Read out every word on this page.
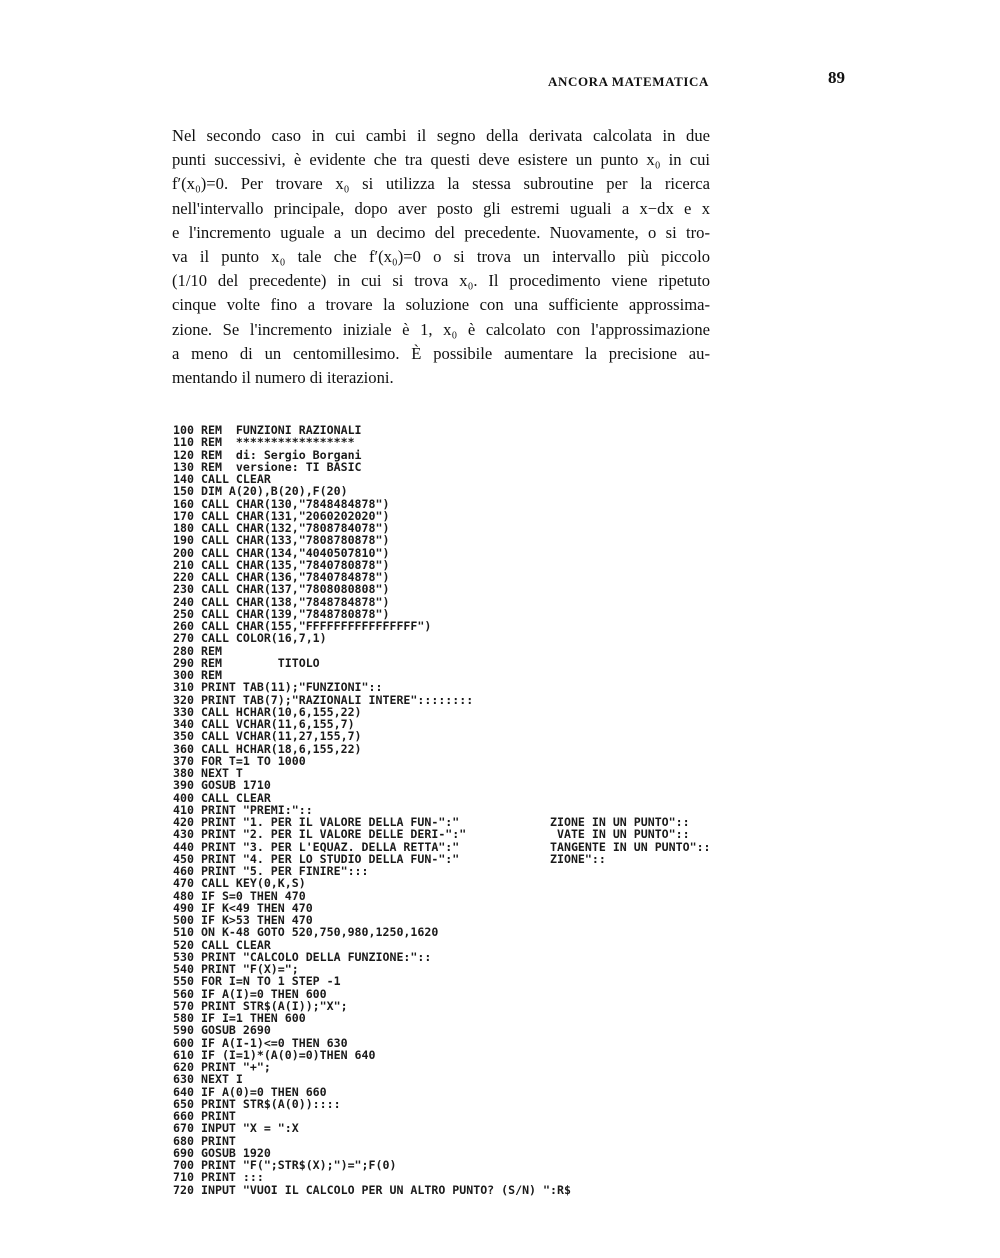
ANCORA MATEMATICA	89

Nel secondo caso in cui cambi il segno della derivata calcolata in due
punti successivi, è evidente che tra questi deve esistere un punto x₀ in cui
f′(x₀)=0. Per trovare x₀ si utilizza la stessa subroutine per la ricerca
nell'intervallo principale, dopo aver posto gli estremi uguali a x−dx e x
e l'incremento uguale a un decimo del precedente. Nuovamente, o si tro-
va il punto x₀ tale che f′(x₀)=0 o si trova un intervallo più piccolo
(1/10 del precedente) in cui si trova x₀. Il procedimento viene ripetuto
cinque volte fino a trovare la soluzione con una sufficiente approssima-
zione. Se l'incremento iniziale è 1, x₀ è calcolato con l'approssimazione
a meno di un centomillesimo. È possibile aumentare la precisione au-
mentando il numero di iterazioni.

100 REM  FUNZIONI RAZIONALI
110 REM  *****************
120 REM  di: Sergio Borgani
130 REM  versione: TI BASIC
140 CALL CLEAR
150 DIM A(20),B(20),F(20)
160 CALL CHAR(130,"7848484878")
170 CALL CHAR(131,"2060202020")
180 CALL CHAR(132,"7808784078")
190 CALL CHAR(133,"7808780878")
200 CALL CHAR(134,"4040507810")
210 CALL CHAR(135,"7840780878")
220 CALL CHAR(136,"7840784878")
230 CALL CHAR(137,"7808080808")
240 CALL CHAR(138,"7848784878")
250 CALL CHAR(139,"7848780878")
260 CALL CHAR(155,"FFFFFFFFFFFFFFFF")
270 CALL COLOR(16,7,1)
280 REM
290 REM        TITOLO
300 REM
310 PRINT TAB(11);"FUNZIONI"::
320 PRINT TAB(7);"RAZIONALI INTERE"::::::::
330 CALL HCHAR(10,6,155,22)
340 CALL VCHAR(11,6,155,7)
350 CALL VCHAR(11,27,155,7)
360 CALL HCHAR(18,6,155,22)
370 FOR T=1 TO 1000
380 NEXT T
390 GOSUB 1710
400 CALL CLEAR
410 PRINT "PREMI:"::
420 PRINT "1. PER IL VALORE DELLA FUN-":"	ZIONE IN UN PUNTO"::
430 PRINT "2. PER IL VALORE DELLE DERI-":"	VATE IN UN PUNTO"::
440 PRINT "3. PER L'EQUAZ. DELLA RETTA":"	TANGENTE IN UN PUNTO"::
450 PRINT "4. PER LO STUDIO DELLA FUN-":"	ZIONE"::
460 PRINT "5. PER FINIRE":::
470 CALL KEY(0,K,S)
480 IF S=0 THEN 470
490 IF K<49 THEN 470
500 IF K>53 THEN 470
510 ON K-48 GOTO 520,750,980,1250,1620
520 CALL CLEAR
530 PRINT "CALCOLO DELLA FUNZIONE:"::
540 PRINT "F(X)=";
550 FOR I=N TO 1 STEP -1
560 IF A(I)=0 THEN 600
570 PRINT STR$(A(I));"X";
580 IF I=1 THEN 600
590 GOSUB 2690
600 IF A(I-1)<=0 THEN 630
610 IF (I=1)*(A(0)=0)THEN 640
620 PRINT "+";
630 NEXT I
640 IF A(0)=0 THEN 660
650 PRINT STR$(A(0))::::
660 PRINT
670 INPUT "X = ":X
680 PRINT
690 GOSUB 1920
700 PRINT "F(";STR$(X);")=";F(0)
710 PRINT :::
720 INPUT "VUOI IL CALCOLO PER UN ALTRO PUNTO? (S/N) ":R$
